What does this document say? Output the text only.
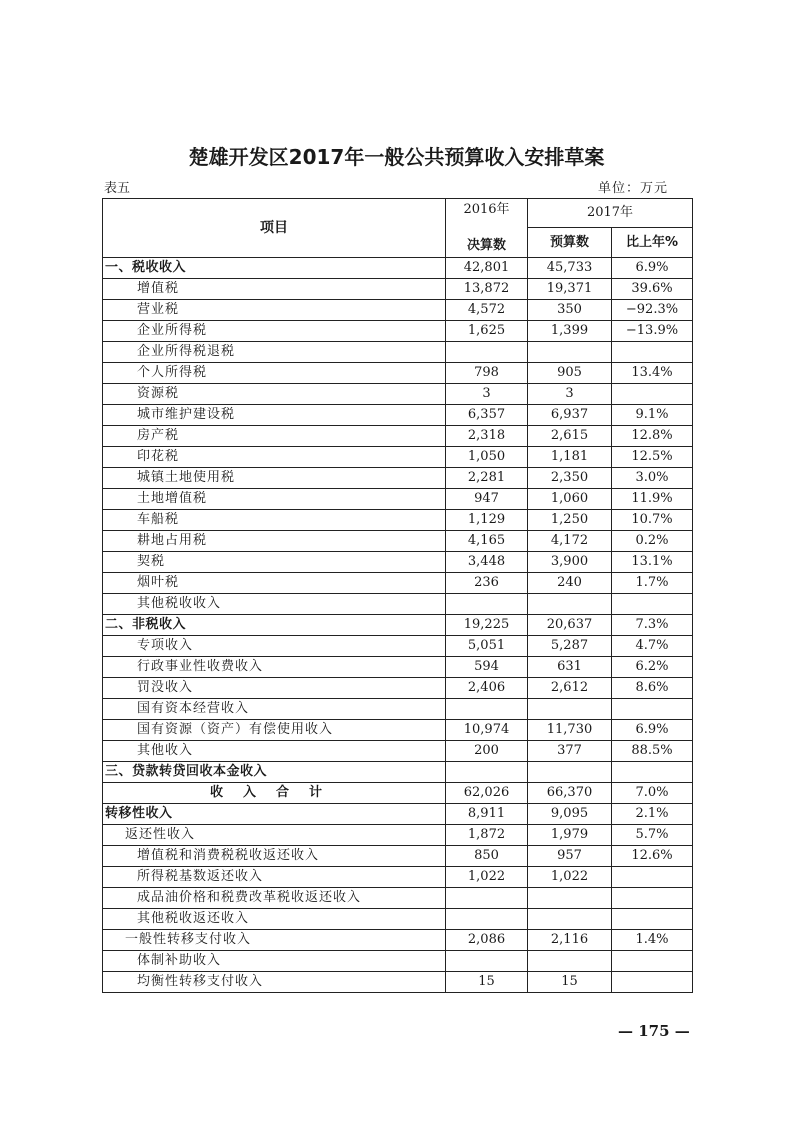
楚雄开发区2017年一般公共预算收入安排草案
表五	单位：万元
项目	2016年	2017年	
	决算数	预算数	比上年%
一、税收收入	42,801	45,733	6.9%
增值税	13,872	19,371	39.6%
营业税	4,572	350	−92.3%
企业所得税	1,625	1,399	−13.9%
企业所得税退税			
个人所得税	798	905	13.4%
资源税	3	3	
城市维护建设税	6,357	6,937	9.1%
房产税	2,318	2,615	12.8%
印花税	1,050	1,181	12.5%
城镇土地使用税	2,281	2,350	3.0%
土地增值税	947	1,060	11.9%
车船税	1,129	1,250	10.7%
耕地占用税	4,165	4,172	0.2%
契税	3,448	3,900	13.1%
烟叶税	236	240	1.7%
其他税收收入			
二、非税收入	19,225	20,637	7.3%
专项收入	5,051	5,287	4.7%
行政事业性收费收入	594	631	6.2%
罚没收入	2,406	2,612	8.6%
国有资本经营收入			
国有资源（资产）有偿使用收入	10,974	11,730	6.9%
其他收入	200	377	88.5%
三、贷款转贷回收本金收入			
收入合计	62,026	66,370	7.0%
转移性收入	8,911	9,095	2.1%
返还性收入	1,872	1,979	5.7%
增值税和消费税税收返还收入	850	957	12.6%
所得税基数返还收入	1,022	1,022	
成品油价格和税费改革税收返还收入			
其他税收返还收入			
一般性转移支付收入	2,086	2,116	1.4%
体制补助收入			
均衡性转移支付收入	15	15	
— 175 —
